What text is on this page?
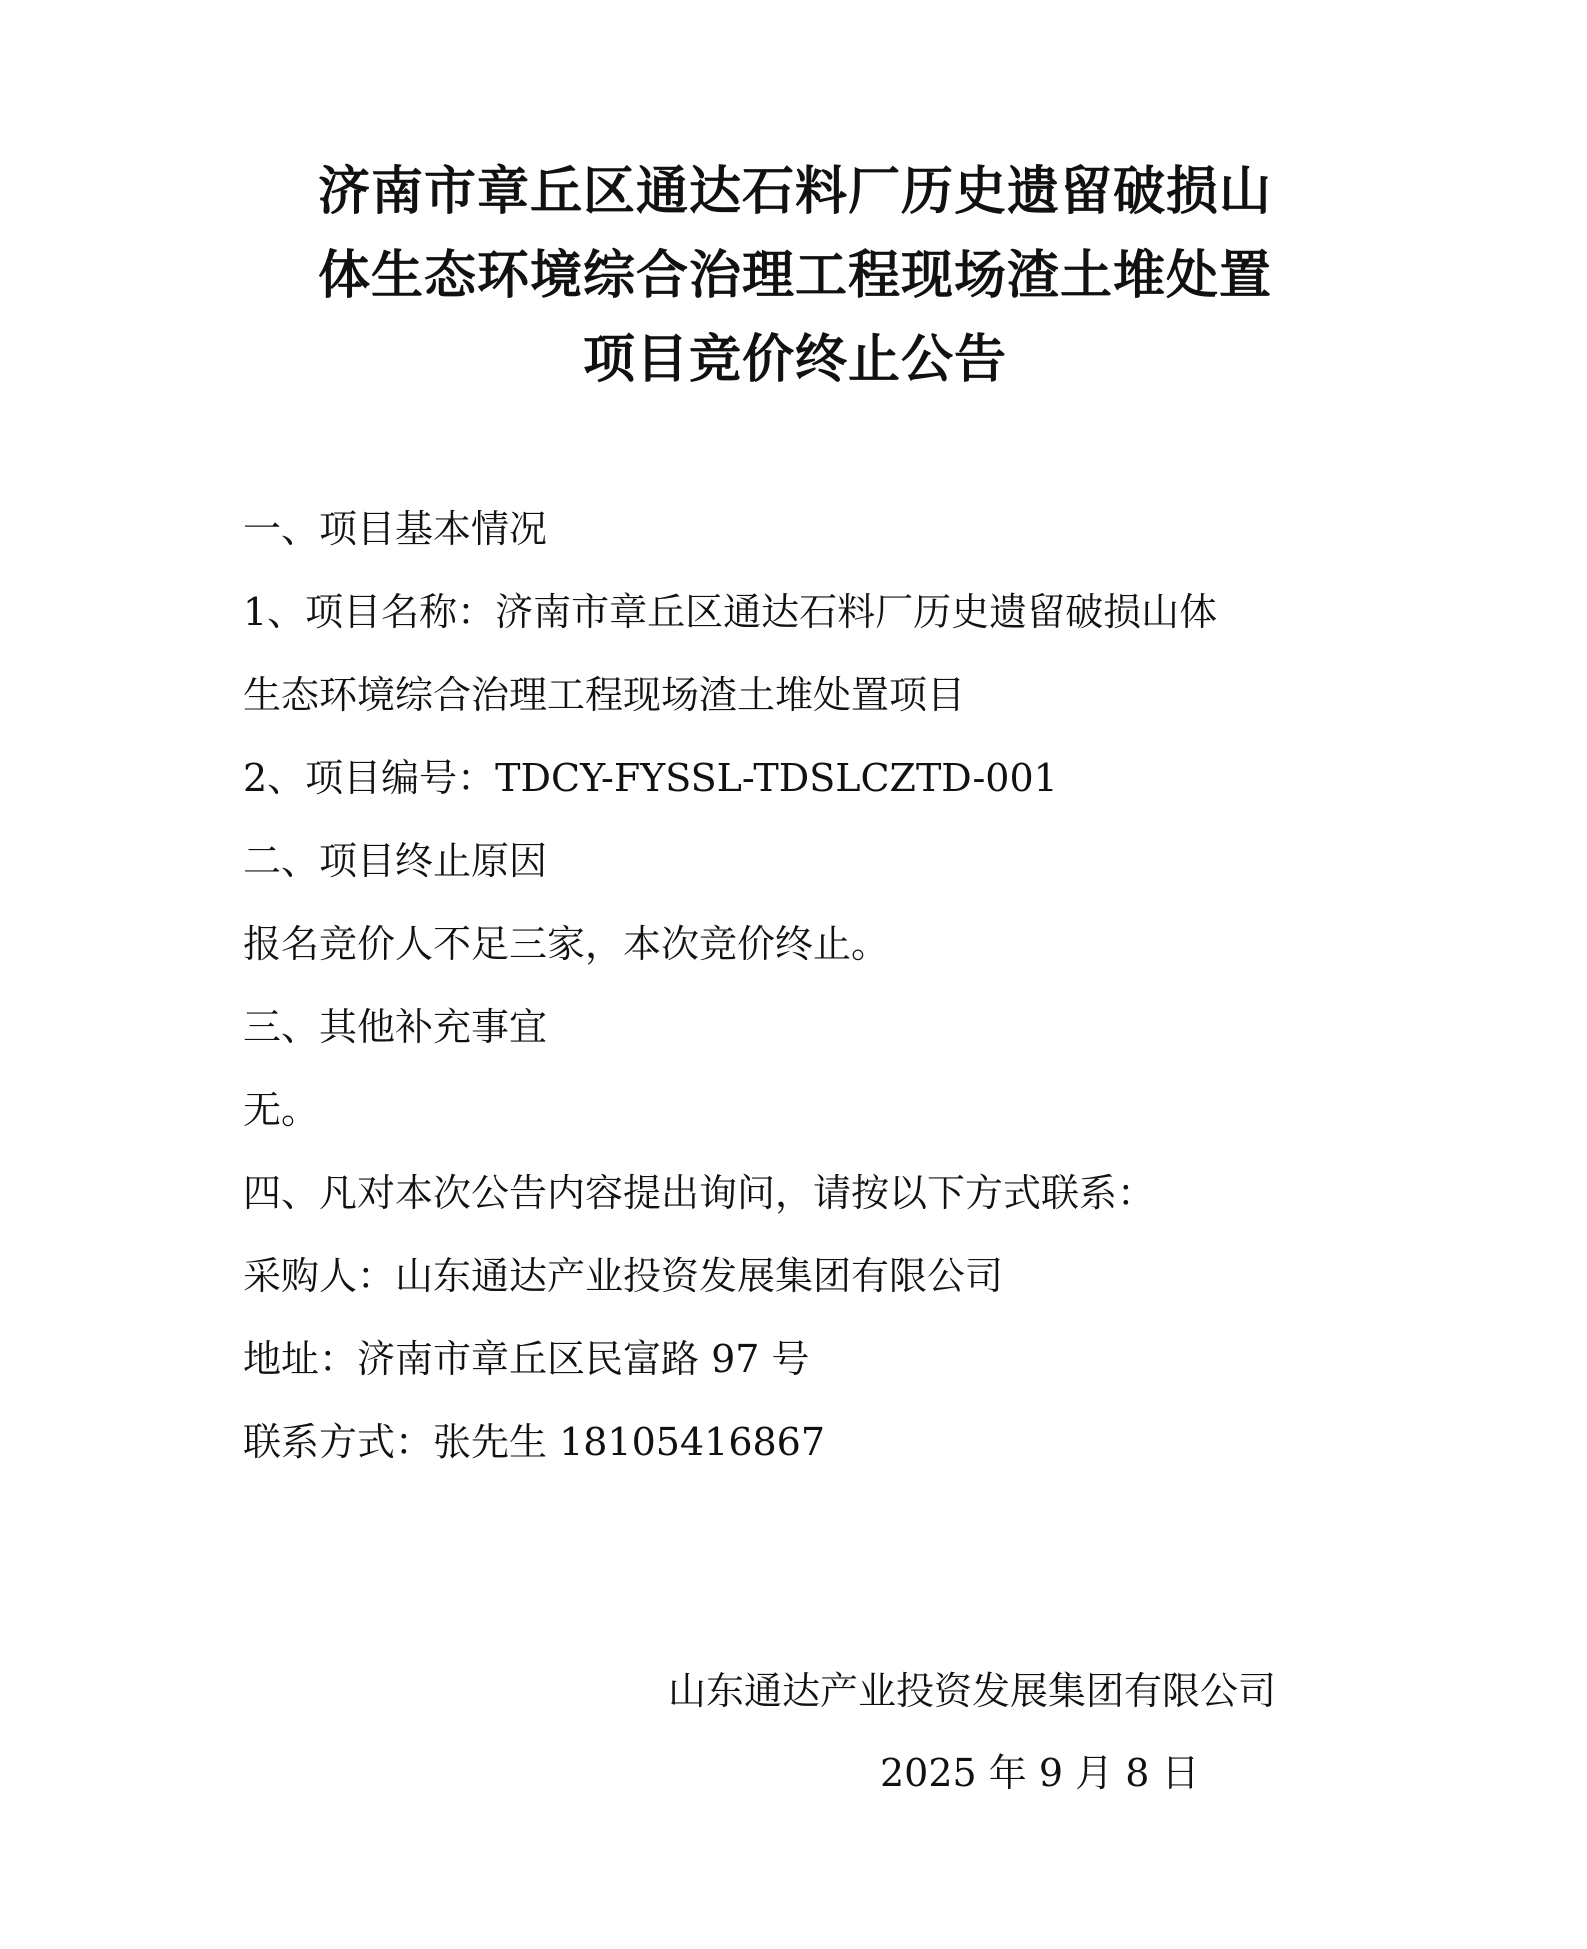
济南市章丘区通达石料厂历史遗留破损山
体生态环境综合治理工程现场渣土堆处置
项目竞价终止公告
一、项目基本情况
1、项目名称：济南市章丘区通达石料厂历史遗留破损山体
生态环境综合治理工程现场渣土堆处置项目
2、项目编号：TDCY-FYSSL-TDSLCZTD-001
二、项目终止原因
报名竞价人不足三家，本次竞价终止。
三、其他补充事宜
无。
四、凡对本次公告内容提出询问，请按以下方式联系：
采购人：山东通达产业投资发展集团有限公司
地址：济南市章丘区民富路 97 号
联系方式：张先生 18105416867
山东通达产业投资发展集团有限公司
2025 年 9 月 8 日
